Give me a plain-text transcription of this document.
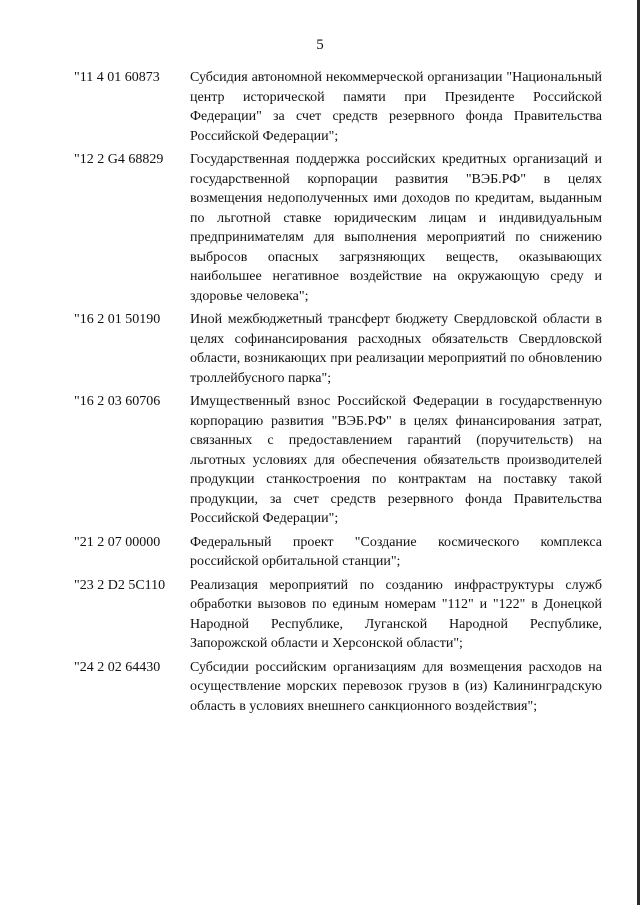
5
"11 4 01 60873	Субсидия автономной некоммерческой организации "Национальный центр исторической памяти при Президенте Российской Федерации" за счет средств резервного фонда Правительства Российской Федерации";
"12 2 G4 68829	Государственная поддержка российских кредитных организаций и государственной корпорации развития "ВЭБ.РФ" в целях возмещения недополученных ими доходов по кредитам, выданным по льготной ставке юридическим лицам и индивидуальным предпринимателям для выполнения мероприятий по снижению выбросов опасных загрязняющих веществ, оказывающих наибольшее негативное воздействие на окружающую среду и здоровье человека";
"16 2 01 50190	Иной межбюджетный трансферт бюджету Свердловской области в целях софинансирования расходных обязательств Свердловской области, возникающих при реализации мероприятий по обновлению троллейбусного парка";
"16 2 03 60706	Имущественный взнос Российской Федерации в государственную корпорацию развития "ВЭБ.РФ" в целях финансирования затрат, связанных с предоставлением гарантий (поручительств) на льготных условиях для обеспечения обязательств производителей продукции станкостроения по контрактам на поставку такой продукции, за счет средств резервного фонда Правительства Российской Федерации";
"21 2 07 00000	Федеральный проект "Создание космического комплекса российской орбитальной станции";
"23 2 D2 5C110	Реализация мероприятий по созданию инфраструктуры служб обработки вызовов по единым номерам "112" и "122" в Донецкой Народной Республике, Луганской Народной Республике, Запорожской области и Херсонской области";
"24 2 02 64430	Субсидии российским организациям для возмещения расходов на осуществление морских перевозок грузов в (из) Калининградскую область в условиях внешнего санкционного воздействия";
